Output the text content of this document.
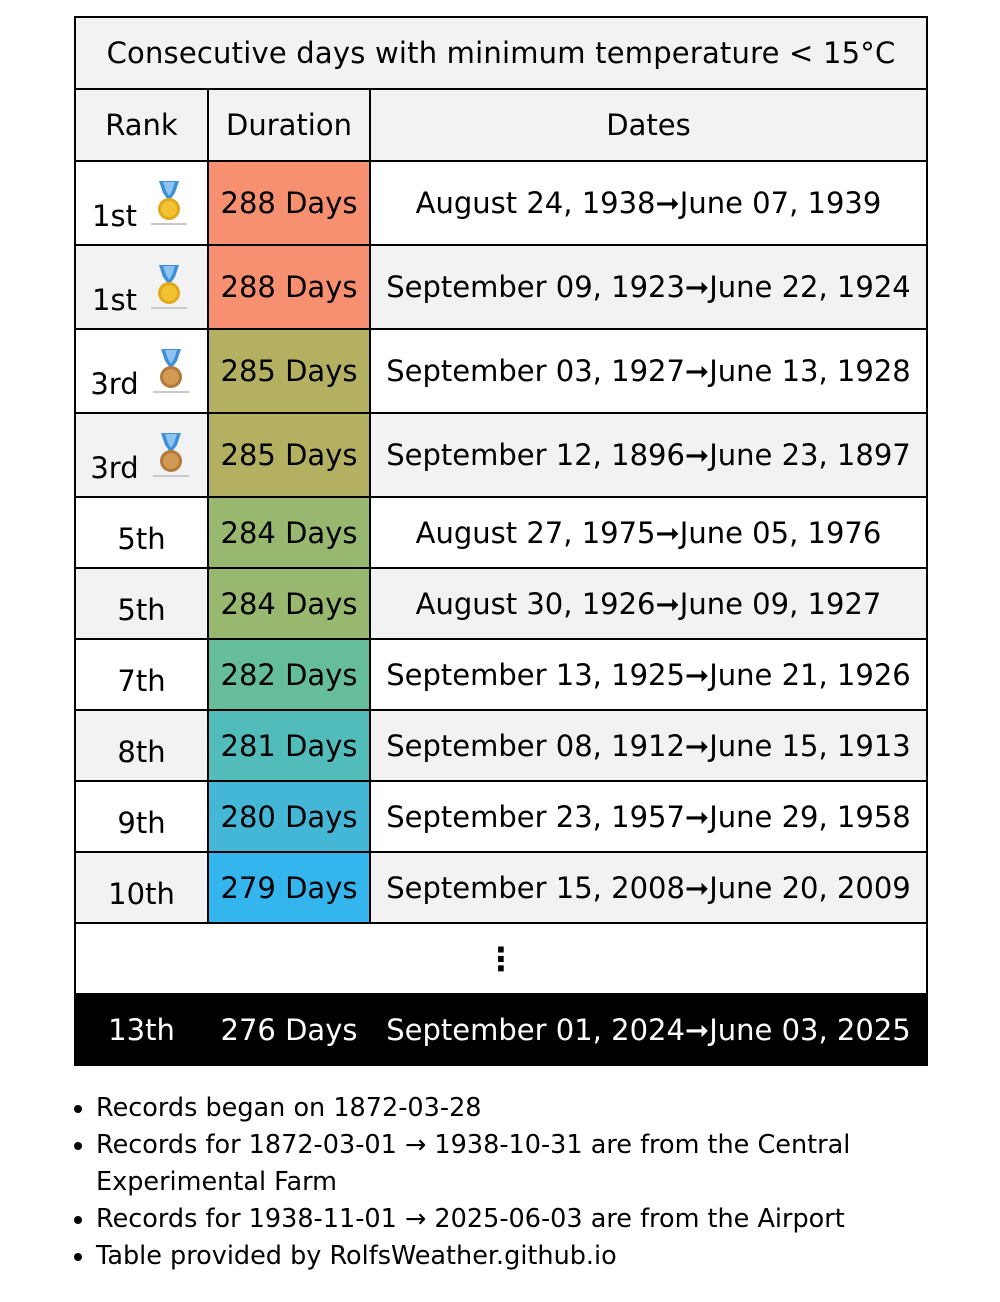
Consecutive days with minimum temperature < 15°C		
Rank	Duration	Dates

1st	288 Days	August 24, 1938➞June 07, 1939

1st	288 Days	September 09, 1923➞June 22, 1924

3rd	285 Days	September 03, 1927➞June 13, 1928

3rd	285 Days	September 12, 1896➞June 23, 1897

5th	284 Days	August 27, 1975➞June 05, 1976

5th	284 Days	August 30, 1926➞June 09, 1927

7th	282 Days	September 13, 1925➞June 21, 1926

8th	281 Days	September 08, 1912➞June 15, 1913

9th	280 Days	September 23, 1957➞June 29, 1958

10th	279 Days	September 15, 2008➞June 20, 2009
⋮		
13th	276 Days	September 01, 2024➞June 03, 2025
• Records began on 1872-03-28
• Records for 1872-03-01 → 1938-10-31 are from the Central Experimental Farm
• Records for 1938-11-01 → 2025-06-03 are from the Airport
• Table provided by RolfsWeather.github.io
